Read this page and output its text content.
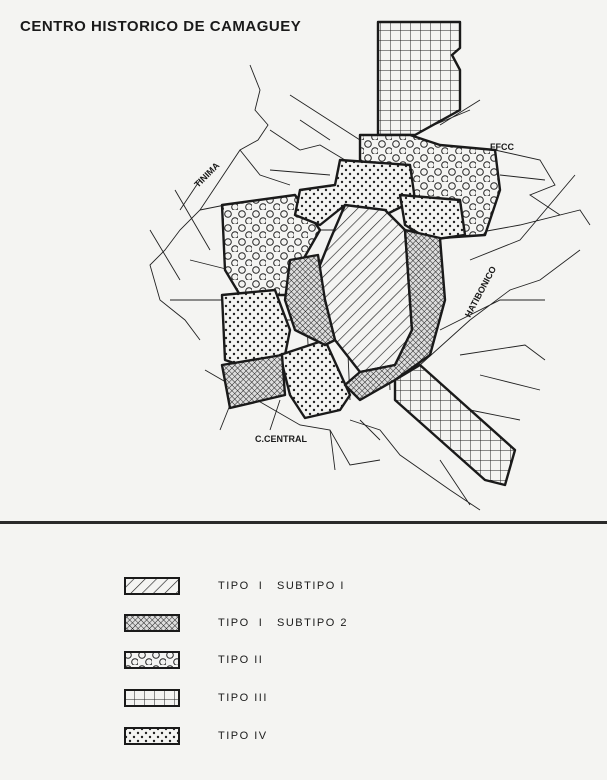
CENTRO HISTORICO DE CAMAGUEY
TINIMA
FFCC
HATIBONICO
C.CENTRAL
TIPO  I   SUBTIPO I
TIPO  I   SUBTIPO 2
TIPO II
TIPO III
TIPO IV
